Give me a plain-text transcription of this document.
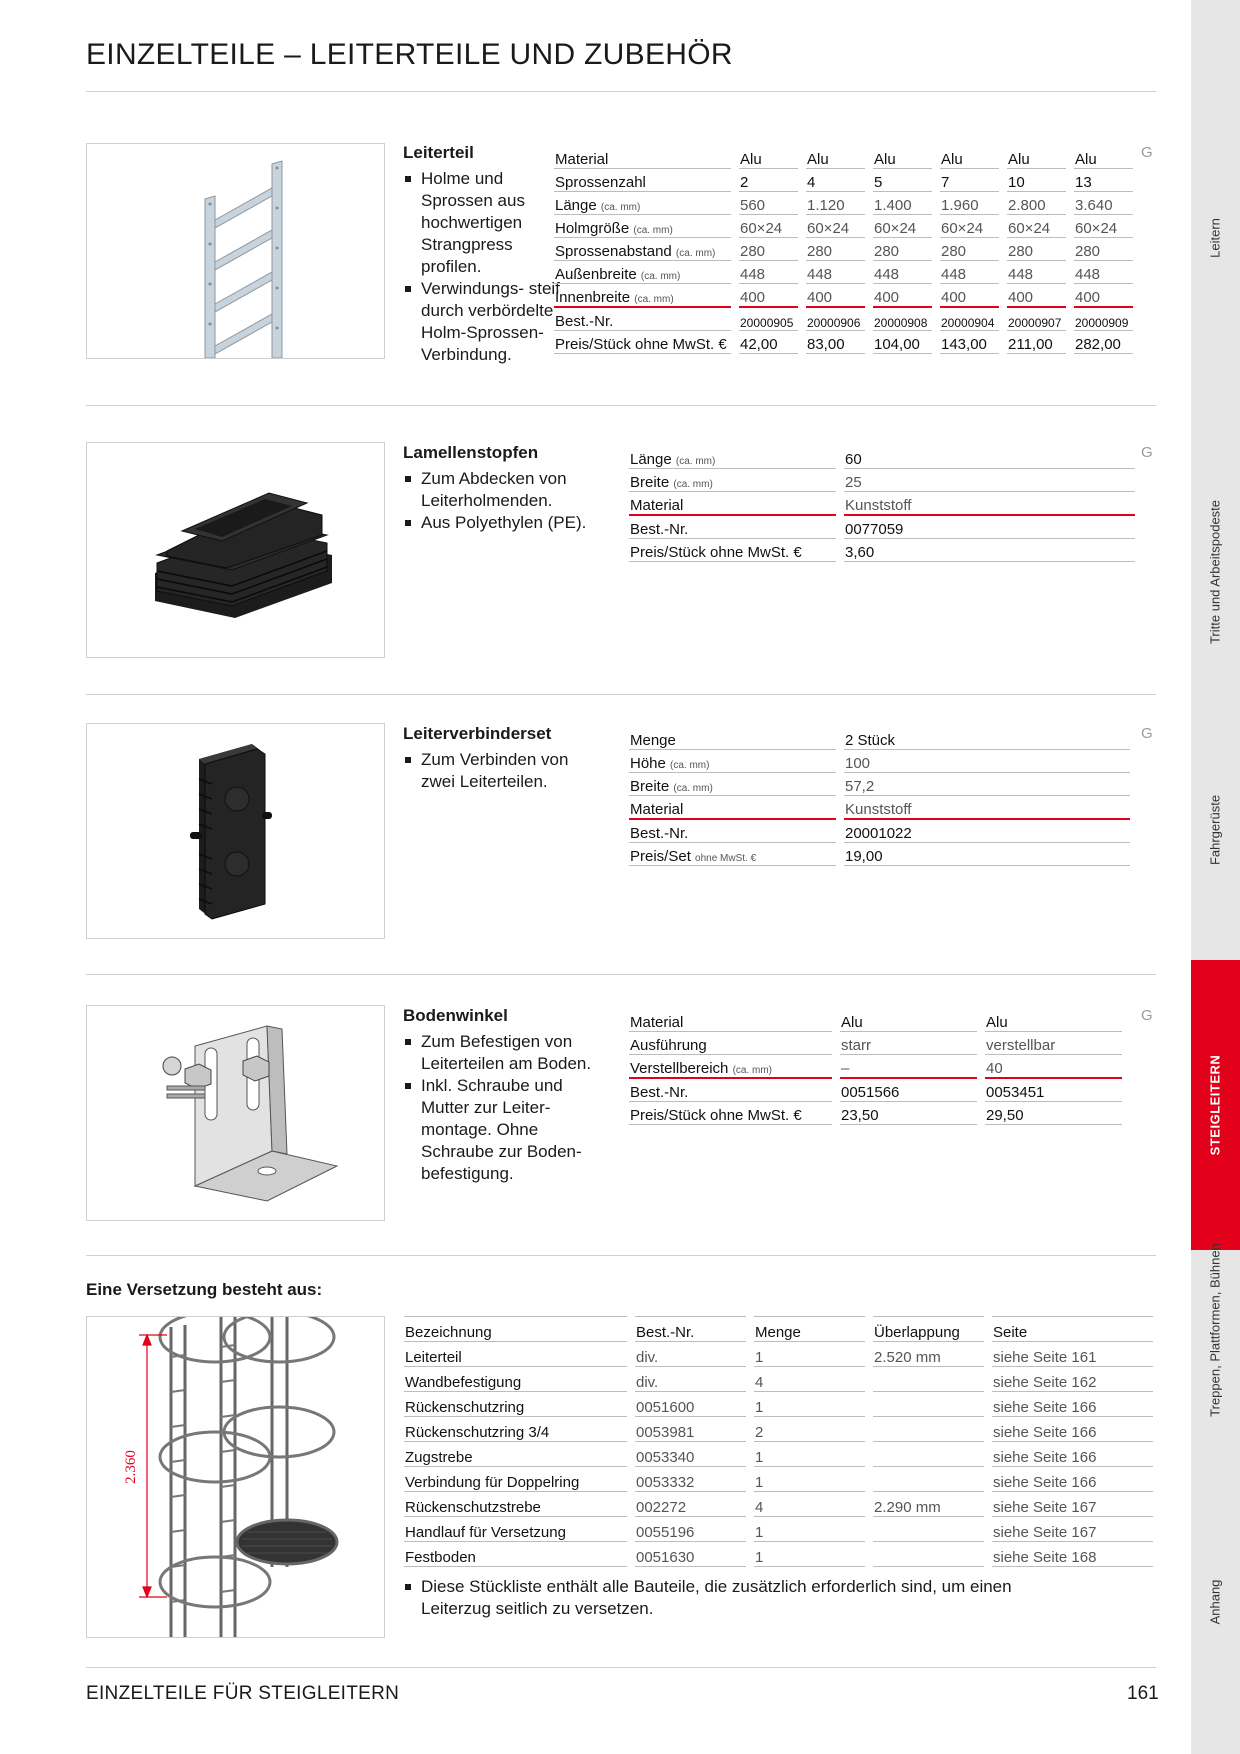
EINZELTEILE – LEITERTEILE UND ZUBEHÖR
Leiterteil
Holme und Sprossen aus hochwertigen Strangpress profilen.
Verwindungs- steif durch verbördelte Holm-Sprossen- Verbindung.
G
Material	Alu	Alu	Alu	Alu	Alu	Alu
Sprossenzahl	2	4	5	7	10	13
Länge (ca. mm)	560	1.120	1.400	1.960	2.800	3.640
Holmgröße (ca. mm)	60×24	60×24	60×24	60×24	60×24	60×24
Sprossenabstand (ca. mm)	280	280	280	280	280	280
Außenbreite (ca. mm)	448	448	448	448	448	448
Innenbreite (ca. mm)	400	400	400	400	400	400
Best.-Nr.	20000905	20000906	20000908	20000904	20000907	20000909
Preis/Stück ohne MwSt. €	42,00	83,00	104,00	143,00	211,00	282,00
Lamellenstopfen
Zum Abdecken von Leiterholmenden.
Aus Polyethylen (PE).
G
Länge (ca. mm)	60
Breite (ca. mm)	25
Material	Kunststoff
Best.-Nr.	0077059
Preis/Stück ohne MwSt. €	3,60
Leiterverbinderset
Zum Verbinden von zwei Leiterteilen.
G
Menge	2 Stück
Höhe (ca. mm)	100
Breite (ca. mm)	57,2
Material	Kunststoff
Best.-Nr.	20001022
Preis/Set ohne MwSt. €	19,00
Bodenwinkel
Zum Befestigen von Leiterteilen am Boden.
Inkl. Schraube und Mutter zur Leiter- montage. Ohne Schraube zur Boden- befestigung.
G
Material	Alu	Alu
Ausführung	starr	verstellbar
Verstellbereich (ca. mm)	–	40
Best.-Nr.	0051566	0053451
Preis/Stück ohne MwSt. €	23,50	29,50
Eine Versetzung besteht aus:
2.360
Bezeichnung	Best.-Nr.	Menge	Überlappung	Seite
Leiterteil	div.	1	2.520 mm	siehe Seite 161
Wandbefestigung	div.	4		siehe Seite 162
Rückenschutzring	0051600	1		siehe Seite 166
Rückenschutzring 3/4	0053981	2		siehe Seite 166
Zugstrebe	0053340	1		siehe Seite 166
Verbindung für Doppelring	0053332	1		siehe Seite 166
Rückenschutzstrebe	002272	4	2.290 mm	siehe Seite 167
Handlauf für Versetzung	0055196	1		siehe Seite 167
Festboden	0051630	1		siehe Seite 168
Diese Stückliste enthält alle Bauteile, die zusätzlich erforderlich sind, um einen Leiterzug seitlich zu versetzen.
EINZELTEILE FÜR STEIGLEITERN	161
Leitern
Tritte und Arbeitspodeste
Fahrgerüste
STEIGLEITERN
Treppen, Plattformen, Bühnen
Anhang
